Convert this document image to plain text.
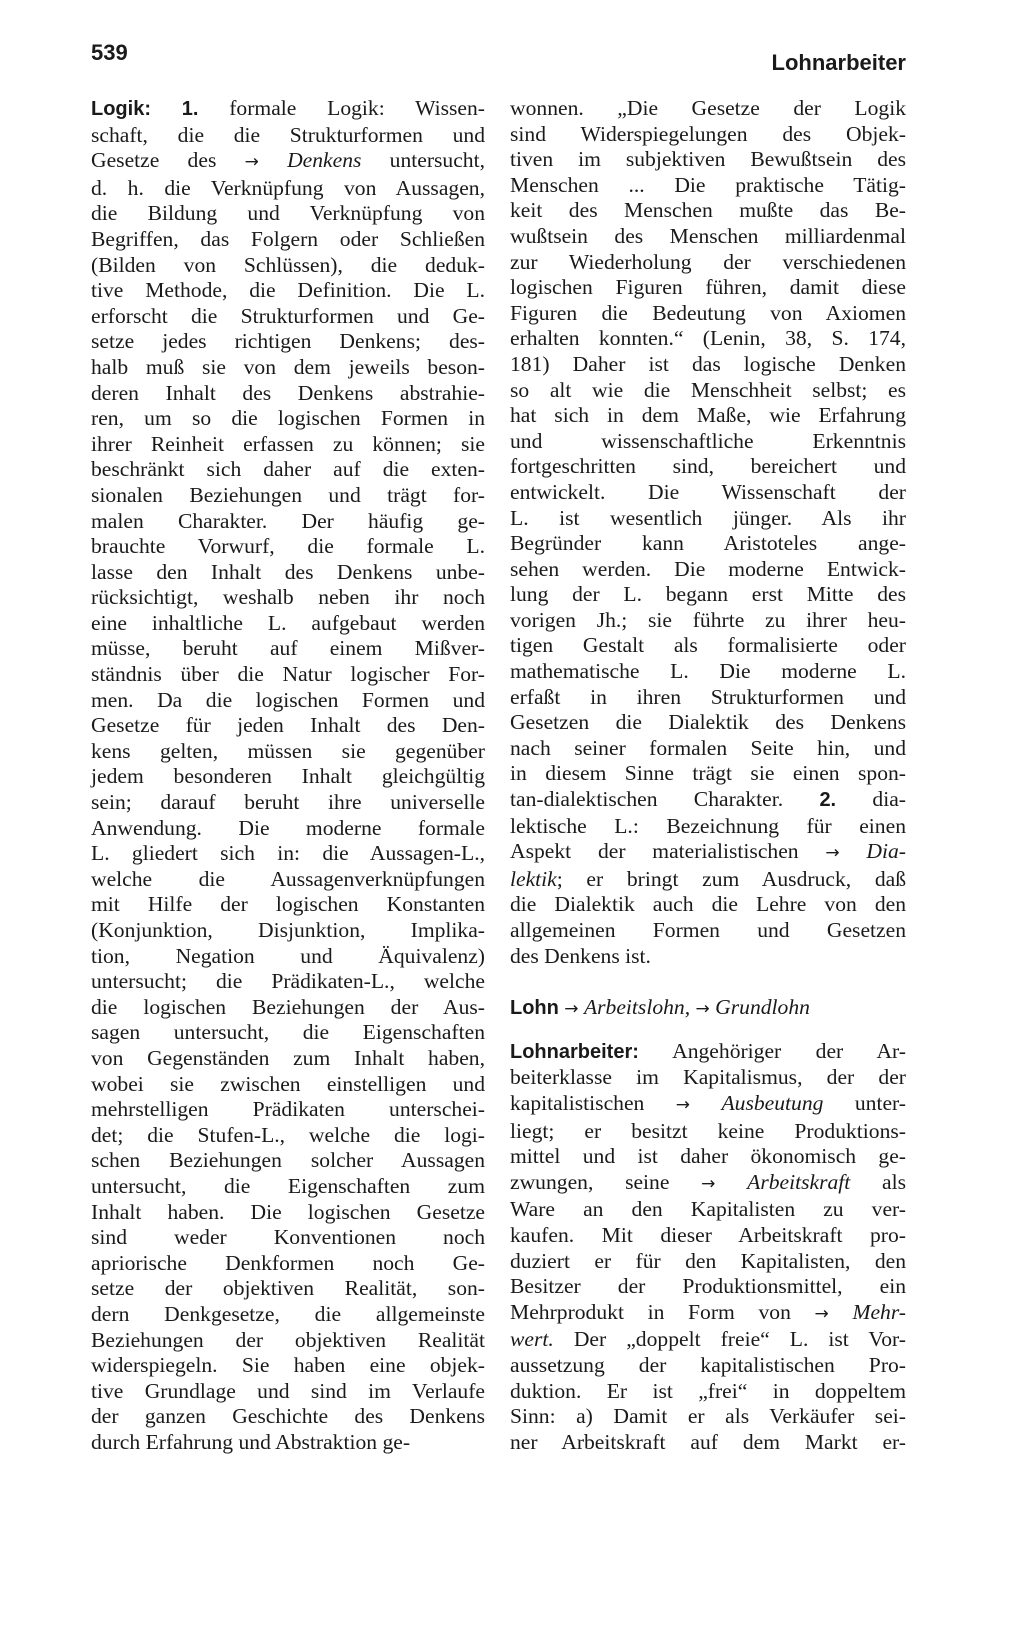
539	Lohnarbeiter
Logik: 1. formale Logik: Wissen-
schaft, die die Strukturformen und
Gesetze des → Denkens untersucht,
d. h. die Verknüpfung von Aussagen,
die Bildung und Verknüpfung von
Begriffen, das Folgern oder Schließen
(Bilden von Schlüssen), die deduk-
tive Methode, die Definition. Die L.
erforscht die Strukturformen und Ge-
setze jedes richtigen Denkens; des-
halb muß sie von dem jeweils beson-
deren Inhalt des Denkens abstrahie-
ren, um so die logischen Formen in
ihrer Reinheit erfassen zu können; sie
beschränkt sich daher auf die exten-
sionalen Beziehungen und trägt for-
malen Charakter. Der häufig ge-
brauchte Vorwurf, die formale L.
lasse den Inhalt des Denkens unbe-
rücksichtigt, weshalb neben ihr noch
eine inhaltliche L. aufgebaut werden
müsse, beruht auf einem Mißver-
ständnis über die Natur logischer For-
men. Da die logischen Formen und
Gesetze für jeden Inhalt des Den-
kens gelten, müssen sie gegenüber
jedem besonderen Inhalt gleichgültig
sein; darauf beruht ihre universelle
Anwendung. Die moderne formale
L. gliedert sich in: die Aussagen-L.,
welche die Aussagenverknüpfungen
mit Hilfe der logischen Konstanten
(Konjunktion, Disjunktion, Implika-
tion, Negation und Äquivalenz)
untersucht; die Prädikaten-L., welche
die logischen Beziehungen der Aus-
sagen untersucht, die Eigenschaften
von Gegenständen zum Inhalt haben,
wobei sie zwischen einstelligen und
mehrstelligen Prädikaten unterschei-
det; die Stufen-L., welche die logi-
schen Beziehungen solcher Aussagen
untersucht, die Eigenschaften zum
Inhalt haben. Die logischen Gesetze
sind weder Konventionen noch
apriorische Denkformen noch Ge-
setze der objektiven Realität, son-
dern Denkgesetze, die allgemeinste
Beziehungen der objektiven Realität
widerspiegeln. Sie haben eine objek-
tive Grundlage und sind im Verlaufe
der ganzen Geschichte des Denkens
durch Erfahrung und Abstraktion ge-
wonnen. „Die Gesetze der Logik
sind Widerspiegelungen des Objek-
tiven im subjektiven Bewußtsein des
Menschen ... Die praktische Tätig-
keit des Menschen mußte das Be-
wußtsein des Menschen milliardenmal
zur Wiederholung der verschiedenen
logischen Figuren führen, damit diese
Figuren die Bedeutung von Axiomen
erhalten konnten.“ (Lenin, 38, S. 174,
181) Daher ist das logische Denken
so alt wie die Menschheit selbst; es
hat sich in dem Maße, wie Erfahrung
und wissenschaftliche Erkenntnis
fortgeschritten sind, bereichert und
entwickelt. Die Wissenschaft der
L. ist wesentlich jünger. Als ihr
Begründer kann Aristoteles ange-
sehen werden. Die moderne Entwick-
lung der L. begann erst Mitte des
vorigen Jh.; sie führte zu ihrer heu-
tigen Gestalt als formalisierte oder
mathematische L. Die moderne L.
erfaßt in ihren Strukturformen und
Gesetzen die Dialektik des Denkens
nach seiner formalen Seite hin, und
in diesem Sinne trägt sie einen spon-
tan-dialektischen Charakter. 2. dia-
lektische L.: Bezeichnung für einen
Aspekt der materialistischen → Dia-
lektik; er bringt zum Ausdruck, daß
die Dialektik auch die Lehre von den
allgemeinen Formen und Gesetzen
des Denkens ist.
Lohn → Arbeitslohn, → Grundlohn
Lohnarbeiter: Angehöriger der Ar-
beiterklasse im Kapitalismus, der der
kapitalistischen → Ausbeutung unter-
liegt; er besitzt keine Produktions-
mittel und ist daher ökonomisch ge-
zwungen, seine → Arbeitskraft als
Ware an den Kapitalisten zu ver-
kaufen. Mit dieser Arbeitskraft pro-
duziert er für den Kapitalisten, den
Besitzer der Produktionsmittel, ein
Mehrprodukt in Form von → Mehr-
wert. Der „doppelt freie“ L. ist Vor-
aussetzung der kapitalistischen Pro-
duktion. Er ist „frei“ in doppeltem
Sinn: a) Damit er als Verkäufer sei-
ner Arbeitskraft auf dem Markt er-
